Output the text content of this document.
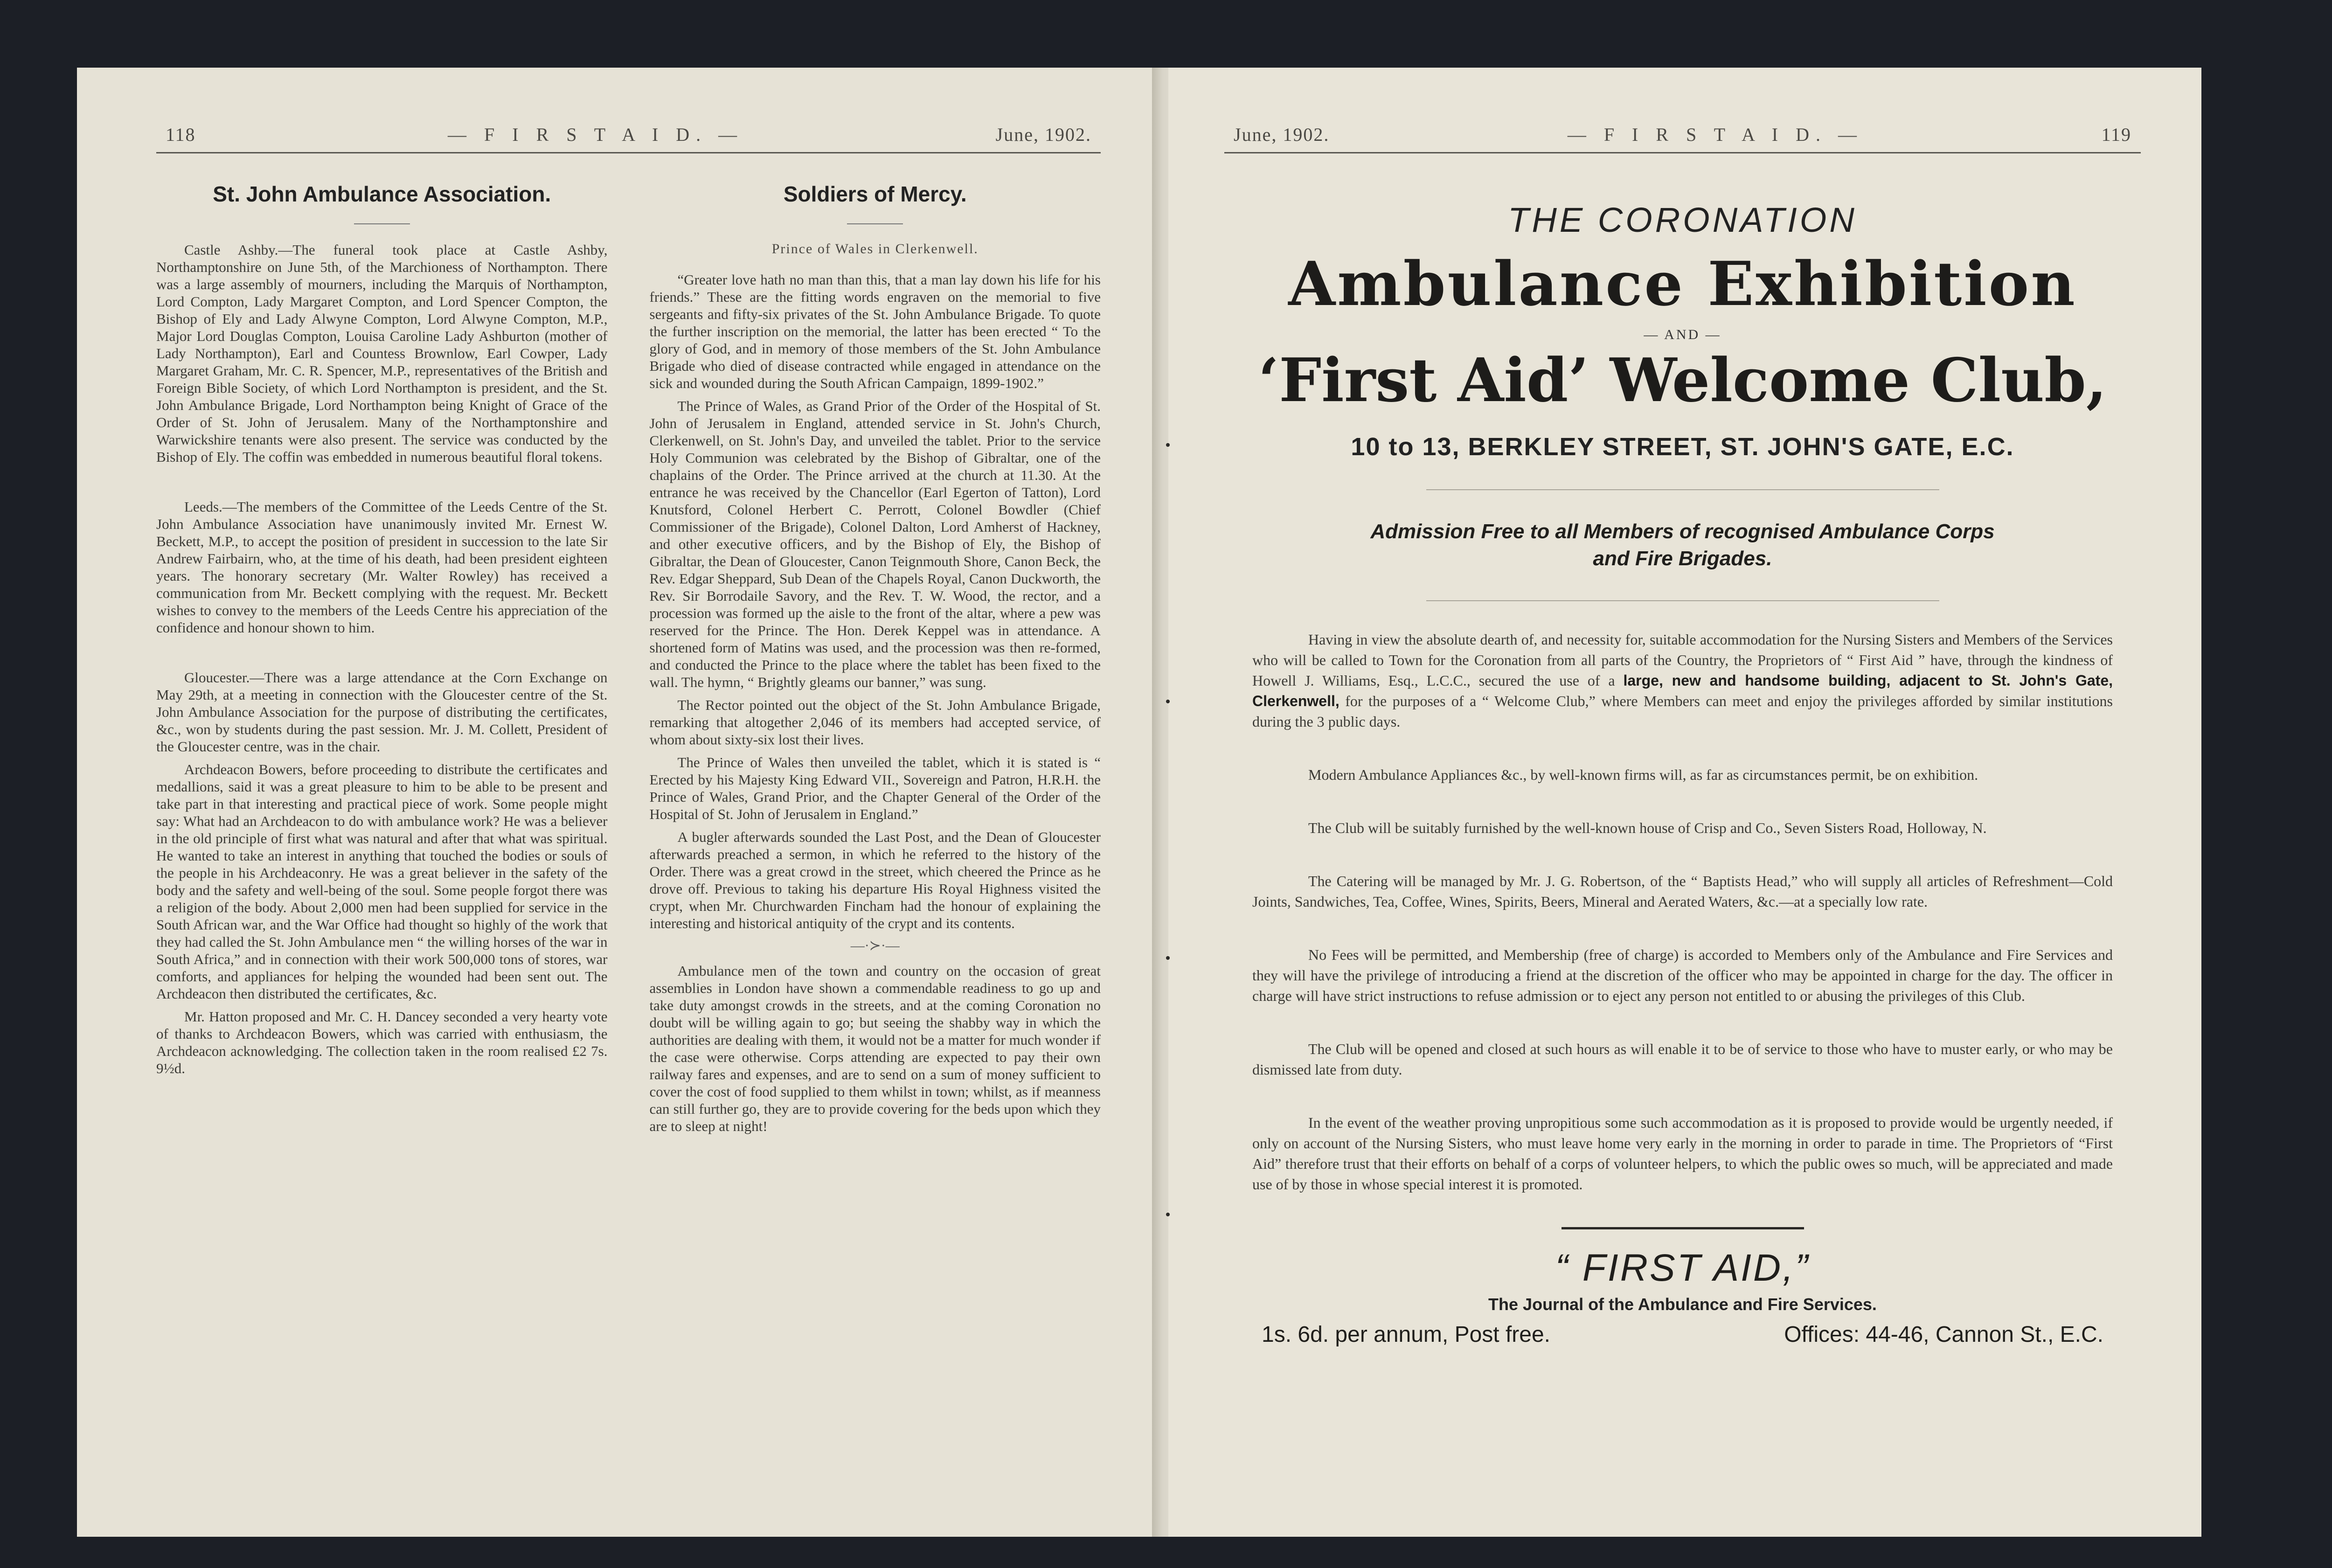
118	— F I R S T A I D. —	June, 1902.
St. John Ambulance Association.

Castle Ashby.—The funeral took place at Castle Ashby, Northamptonshire on June 5th, of the Marchioness of Northampton. There was a large assembly of mourners, including the Marquis of Northampton, Lord Compton, Lady Margaret Compton, and Lord Spencer Compton, the Bishop of Ely and Lady Alwyne Compton, Lord Alwyne Compton, M.P., Major Lord Douglas Compton, Louisa Caroline Lady Ashburton (mother of Lady Northampton), Earl and Countess Brownlow, Earl Cowper, Lady Margaret Graham, Mr. C. R. Spencer, M.P., representatives of the British and Foreign Bible Society, of which Lord Northampton is president, and the St. John Ambulance Brigade, Lord Northampton being Knight of Grace of the Order of St. John of Jerusalem. Many of the Northamptonshire and Warwickshire tenants were also present. The service was conducted by the Bishop of Ely. The coffin was embedded in numerous beautiful floral tokens.

Leeds.—The members of the Committee of the Leeds Centre of the St. John Ambulance Association have unanimously invited Mr. Ernest W. Beckett, M.P., to accept the position of president in succession to the late Sir Andrew Fairbairn, who, at the time of his death, had been president eighteen years. The honorary secretary (Mr. Walter Rowley) has received a communication from Mr. Beckett complying with the request. Mr. Beckett wishes to convey to the members of the Leeds Centre his appreciation of the confidence and honour shown to him.

Gloucester.—There was a large attendance at the Corn Exchange on May 29th, at a meeting in connection with the Gloucester centre of the St. John Ambulance Association for the purpose of distributing the certificates, &c., won by students during the past session. Mr. J. M. Collett, President of the Gloucester centre, was in the chair.

Archdeacon Bowers, before proceeding to distribute the certificates and medallions, said it was a great pleasure to him to be able to be present and take part in that interesting and practical piece of work. Some people might say: What had an Archdeacon to do with ambulance work? He was a believer in the old principle of first what was natural and after that what was spiritual. He wanted to take an interest in anything that touched the bodies or souls of the people in his Archdeaconry. He was a great believer in the safety of the body and the safety and well-being of the soul. Some people forgot there was a religion of the body. About 2,000 men had been supplied for service in the South African war, and the War Office had thought so highly of the work that they had called the St. John Ambulance men “ the willing horses of the war in South Africa,” and in connection with their work 500,000 tons of stores, war comforts, and appliances for helping the wounded had been sent out. The Archdeacon then distributed the certificates, &c.

Mr. Hatton proposed and Mr. C. H. Dancey seconded a very hearty vote of thanks to Archdeacon Bowers, which was carried with enthusiasm, the Archdeacon acknowledging. The collection taken in the room realised £2 7s. 9½d.

Soldiers of Mercy.
Prince of Wales in Clerkenwell.

“Greater love hath no man than this, that a man lay down his life for his friends.” These are the fitting words engraven on the memorial to five sergeants and fifty-six privates of the St. John Ambulance Brigade. To quote the further inscription on the memorial, the latter has been erected “ To the glory of God, and in memory of those members of the St. John Ambulance Brigade who died of disease contracted while engaged in attendance on the sick and wounded during the South African Campaign, 1899-1902.”

The Prince of Wales, as Grand Prior of the Order of the Hospital of St. John of Jerusalem in England, attended service in St. John's Church, Clerkenwell, on St. John's Day, and unveiled the tablet. Prior to the service Holy Communion was celebrated by the Bishop of Gibraltar, one of the chaplains of the Order. The Prince arrived at the church at 11.30. At the entrance he was received by the Chancellor (Earl Egerton of Tatton), Lord Knutsford, Colonel Herbert C. Perrott, Colonel Bowdler (Chief Commissioner of the Brigade), Colonel Dalton, Lord Amherst of Hackney, and other executive officers, and by the Bishop of Ely, the Bishop of Gibraltar, the Dean of Gloucester, Canon Teignmouth Shore, Canon Beck, the Rev. Edgar Sheppard, Sub Dean of the Chapels Royal, Canon Duckworth, the Rev. Sir Borrodaile Savory, and the Rev. T. W. Wood, the rector, and a procession was formed up the aisle to the front of the altar, where a pew was reserved for the Prince. The Hon. Derek Keppel was in attendance. A shortened form of Matins was used, and the procession was then re-formed, and conducted the Prince to the place where the tablet has been fixed to the wall. The hymn, “ Brightly gleams our banner,” was sung.

The Rector pointed out the object of the St. John Ambulance Brigade, remarking that altogether 2,046 of its members had accepted service, of whom about sixty-six lost their lives.

The Prince of Wales then unveiled the tablet, which it is stated is “ Erected by his Majesty King Edward VII., Sovereign and Patron, H.R.H. the Prince of Wales, Grand Prior, and the Chapter General of the Order of the Hospital of St. John of Jerusalem in England.”

A bugler afterwards sounded the Last Post, and the Dean of Gloucester afterwards preached a sermon, in which he referred to the history of the Order. There was a great crowd in the street, which cheered the Prince as he drove off. Previous to taking his departure His Royal Highness visited the crypt, when Mr. Churchwarden Fincham had the honour of explaining the interesting and historical antiquity of the crypt and its contents.

—·≻·—

Ambulance men of the town and country on the occasion of great assemblies in London have shown a commendable readiness to go up and take duty amongst crowds in the streets, and at the coming Coronation no doubt will be willing again to go; but seeing the shabby way in which the authorities are dealing with them, it would not be a matter for much wonder if the case were otherwise. Corps attending are expected to pay their own railway fares and expenses, and are to send on a sum of money sufficient to cover the cost of food supplied to them whilst in town; whilst, as if meanness can still further go, they are to provide covering for the beds upon which they are to sleep at night!

June, 1902.	— F I R S T A I D. —	119
THE CORONATION
Ambulance Exhibition
— AND —
‘First Aid’ Welcome Club,
10 to 13, BERKLEY STREET, ST. JOHN'S GATE, E.C.
Admission Free to all Members of recognised Ambulance Corps
and Fire Brigades.

Having in view the absolute dearth of, and necessity for, suitable accommodation for the Nursing Sisters and Members of the Services who will be called to Town for the Coronation from all parts of the Country, the Proprietors of “ First Aid ” have, through the kindness of Howell J. Williams, Esq., L.C.C., secured the use of a large, new and handsome building, adjacent to St. John's Gate, Clerkenwell, for the purposes of a “ Welcome Club,” where Members can meet and enjoy the privileges afforded by similar institutions during the 3 public days.

Modern Ambulance Appliances &c., by well-known firms will, as far as circumstances permit, be on exhibition.

The Club will be suitably furnished by the well-known house of Crisp and Co., Seven Sisters Road, Holloway, N.

The Catering will be managed by Mr. J. G. Robertson, of the “ Baptists Head,” who will supply all articles of Refreshment—Cold Joints, Sandwiches, Tea, Coffee, Wines, Spirits, Beers, Mineral and Aerated Waters, &c.—at a specially low rate.

No Fees will be permitted, and Membership (free of charge) is accorded to Members only of the Ambulance and Fire Services and they will have the privilege of introducing a friend at the discretion of the officer who may be appointed in charge for the day. The officer in charge will have strict instructions to refuse admission or to eject any person not entitled to or abusing the privileges of this Club.

The Club will be opened and closed at such hours as will enable it to be of service to those who have to muster early, or who may be dismissed late from duty.

In the event of the weather proving unpropitious some such accommodation as it is proposed to provide would be urgently needed, if only on account of the Nursing Sisters, who must leave home very early in the morning in order to parade in time. The Proprietors of “First Aid” therefore trust that their efforts on behalf of a corps of volunteer helpers, to which the public owes so much, will be appreciated and made use of by those in whose special interest it is promoted.

“ FIRST AID,”
The Journal of the Ambulance and Fire Services.
1s. 6d. per annum, Post free.	Offices: 44-46, Cannon St., E.C.
